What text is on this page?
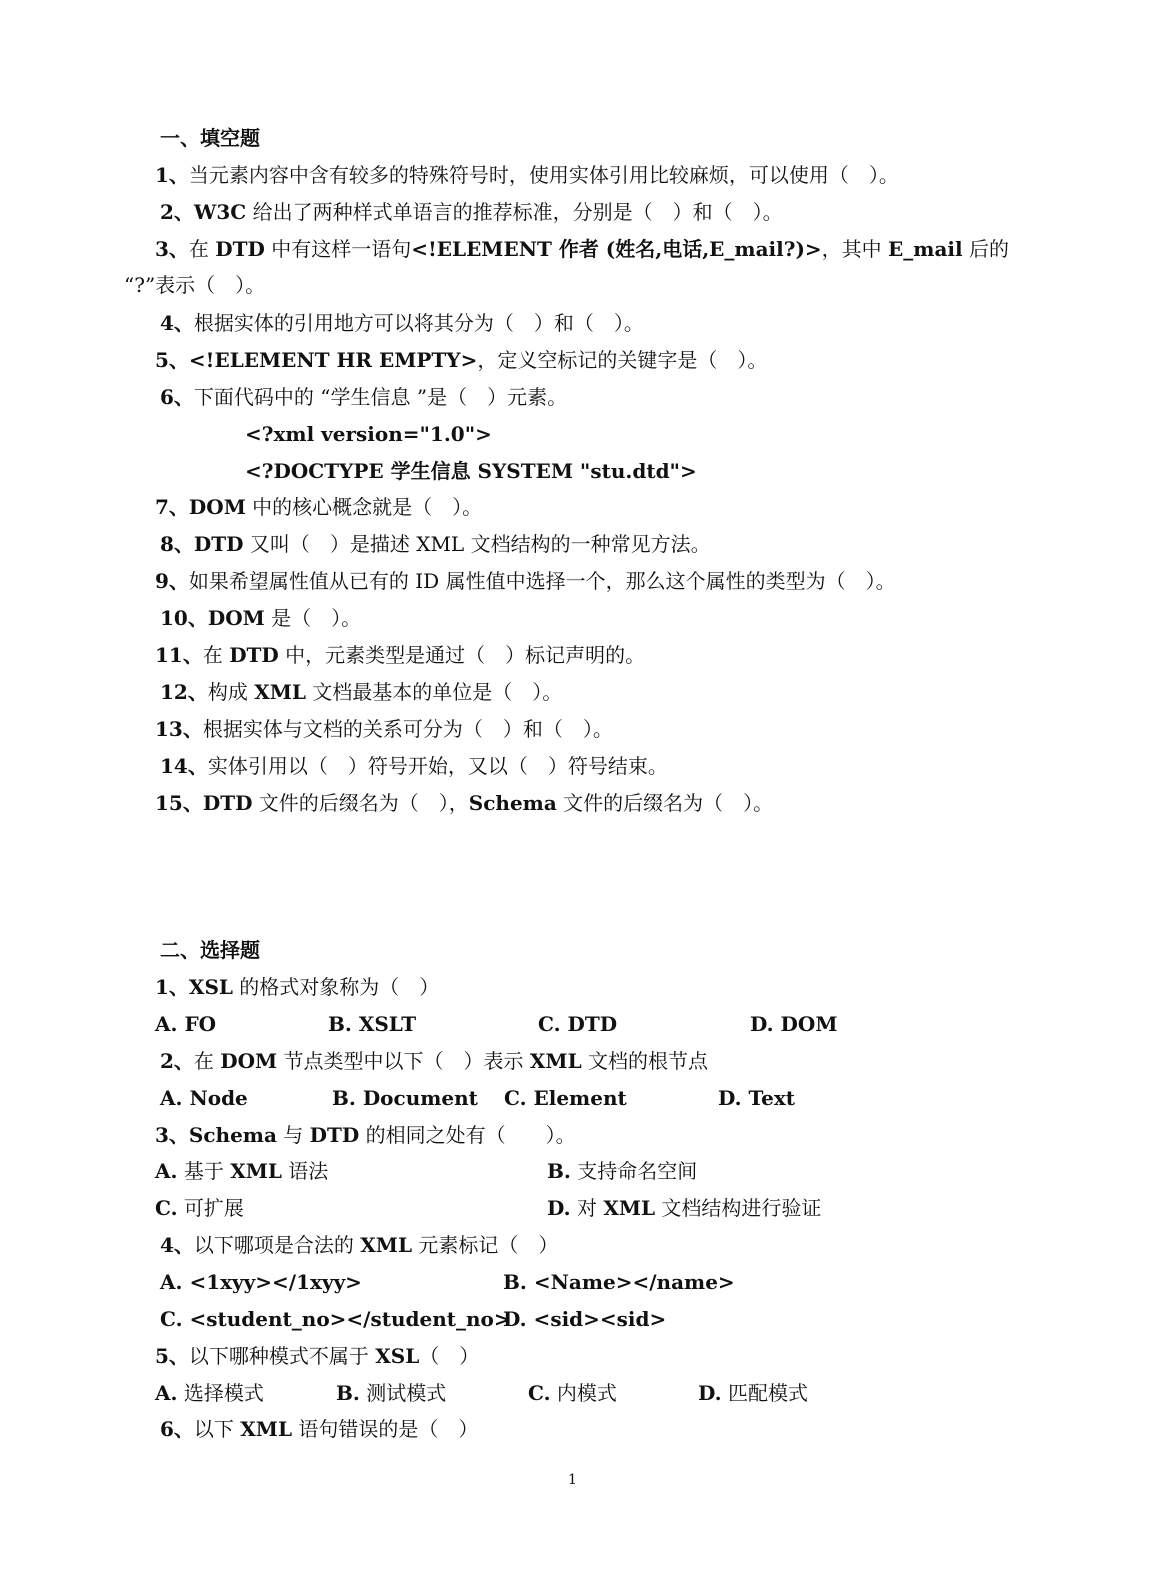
一、填空题
1、当元素内容中含有较多的特殊符号时，使用实体引用比较麻烦，可以使用（　）。
2、W3C 给出了两种样式单语言的推荐标准，分别是（　）和（　）。
3、在 DTD 中有这样一语句<!ELEMENT 作者 (姓名,电话,E_mail?)>，其中 E_mail 后的
“?”表示（　）。
4、根据实体的引用地方可以将其分为（　）和（　）。
5、<!ELEMENT HR EMPTY>，定义空标记的关键字是（　）。
6、下面代码中的 “学生信息 ”是（　）元素。
<?xml version="1.0">
<?DOCTYPE 学生信息 SYSTEM "stu.dtd">
7、DOM 中的核心概念就是（　）。
8、DTD 又叫（　）是描述 XML 文档结构的一种常见方法。
9、如果希望属性值从已有的 ID 属性值中选择一个，那么这个属性的类型为（　）。
10、DOM 是（　）。
11、在 DTD 中，元素类型是通过（　）标记声明的。
12、构成 XML 文档最基本的单位是（　）。
13、根据实体与文档的关系可分为（　）和（　）。
14、实体引用以（　）符号开始，又以（　）符号结束。
15、DTD 文件的后缀名为（　），Schema 文件的后缀名为（　）。
二、选择题
1、XSL 的格式对象称为（　）
A. FO	B. XSLT	C. DTD	D. DOM
2、在 DOM 节点类型中以下（　）表示 XML 文档的根节点
A. Node	B. Document C. Element	D. Text
3、Schema 与 DTD 的相同之处有（　　）。
A. 基于 XML 语法	B. 支持命名空间
C. 可扩展	D. 对 XML 文档结构进行验证
4、以下哪项是合法的 XML 元素标记（　）
A. <1xyy></1xyy>	B. <Name></name>
C. <student_no></student_no>
D. <sid><sid>
5、以下哪种模式不属于 XSL（　）
A. 选择模式	B. 测试模式	C. 内模式	D. 匹配模式
6、以下 XML 语句错误的是（　）
1
